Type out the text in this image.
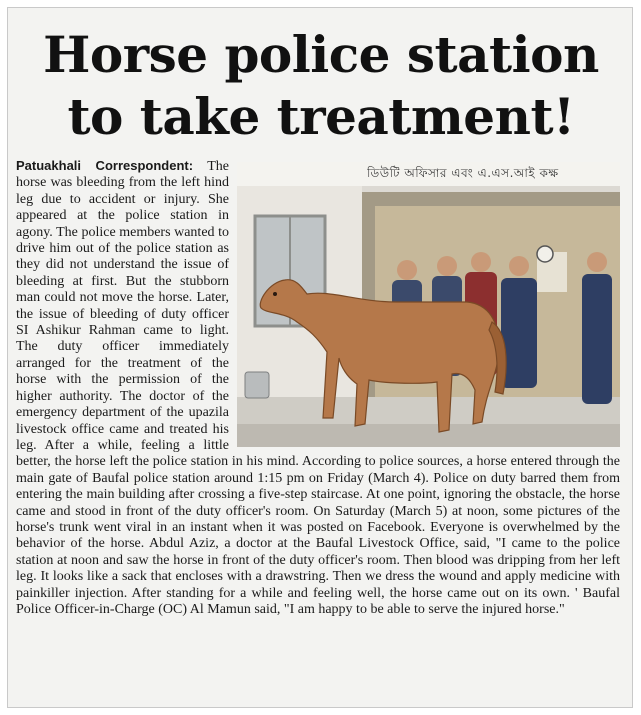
Horse police station
to take treatment!
ডিউটি অফিসার এবং এ.এস.আই কক্ষ

Patuakhali Correspondent: The horse was bleeding from the left hind leg due to accident or injury. She appeared at the police station in agony. The police members wanted to drive him out of the police station as they did not understand the issue of bleeding at first. But the stubborn man could not move the horse. Later, the issue of bleeding of duty officer SI Ashikur Rahman came to light. The duty officer immediately arranged for the treatment of the horse with the permission of the higher authority. The doctor of the emergency department of the upazila livestock office came and treated his leg. After a while, feeling a little better, the horse left the police station in his mind. According to police sources, a horse entered through the main gate of Baufal police station around 1:15 pm on Friday (March 4). Police on duty barred them from entering the main building after crossing a five-step staircase. At one point, ignoring the obstacle, the horse came and stood in front of the duty officer's room. On Saturday (March 5) at noon, some pictures of the horse's trunk went viral in an instant when it was posted on Facebook. Everyone is overwhelmed by the behavior of the horse. Abdul Aziz, a doctor at the Baufal Livestock Office, said, "I came to the police station at noon and saw the horse in front of the duty officer's room. Then blood was dripping from her left leg. It looks like a sack that encloses with a drawstring. Then we dress the wound and apply medicine with painkiller injection. After standing for a while and feeling well, the horse came out on its own. ' Baufal Police Officer-in-Charge (OC) Al Mamun said, "I am happy to be able to serve the injured horse."
